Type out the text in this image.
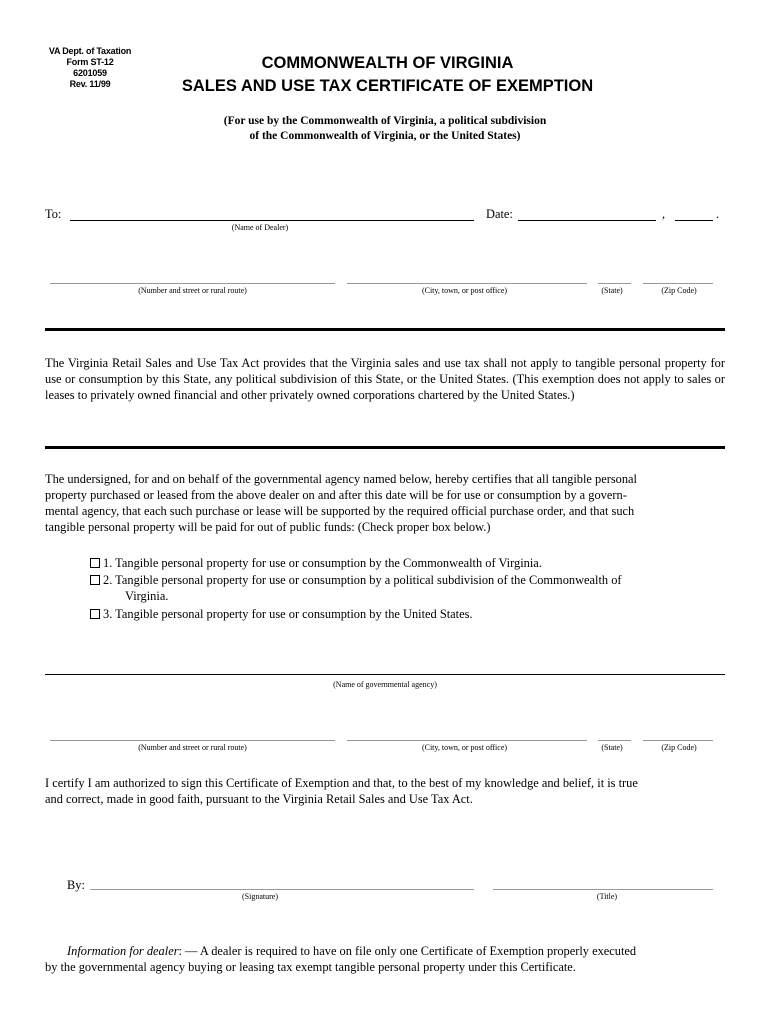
VA Dept. of Taxation
Form ST-12
6201059
Rev. 11/99
COMMONWEALTH OF VIRGINIA
SALES AND USE TAX CERTIFICATE OF EXEMPTION
(For use by the Commonwealth of Virginia, a political subdivision
of the Commonwealth of Virginia, or the United States)
To:
(Name of Dealer)
Date:	,	.
(Number and street or rural route)	(City, town, or post office)	(State)	(Zip Code)
The Virginia Retail Sales and Use Tax Act provides that the Virginia sales and use tax shall not apply to tangible personal property for use or consumption by this State, any political subdivision of this State, or the United States. (This exemption does not apply to sales or leases to privately owned financial and other privately owned corporations chartered by the United States.)
The undersigned, for and on behalf of the governmental agency named below, hereby certifies that all tangible personal
property purchased or leased from the above dealer on and after this date will be for use or consumption by a govern-
mental agency, that each such purchase or lease will be supported by the required official purchase order, and that such
tangible personal property will be paid for out of public funds: (Check proper box below.)
1. Tangible personal property for use or consumption by the Commonwealth of Virginia.
2. Tangible personal property for use or consumption by a political subdivision of the Commonwealth of
Virginia.
3. Tangible personal property for use or consumption by the United States.
(Name of governmental agency)
(Number and street or rural route)	(City, town, or post office)	(State)	(Zip Code)
I certify I am authorized to sign this Certificate of Exemption and that, to the best of my knowledge and belief, it is true
and correct, made in good faith, pursuant to the Virginia Retail Sales and Use Tax Act.
By:
(Signature)	(Title)
Information for dealer: — A dealer is required to have on file only one Certificate of Exemption properly executed
by the governmental agency buying or leasing tax exempt tangible personal property under this Certificate.
